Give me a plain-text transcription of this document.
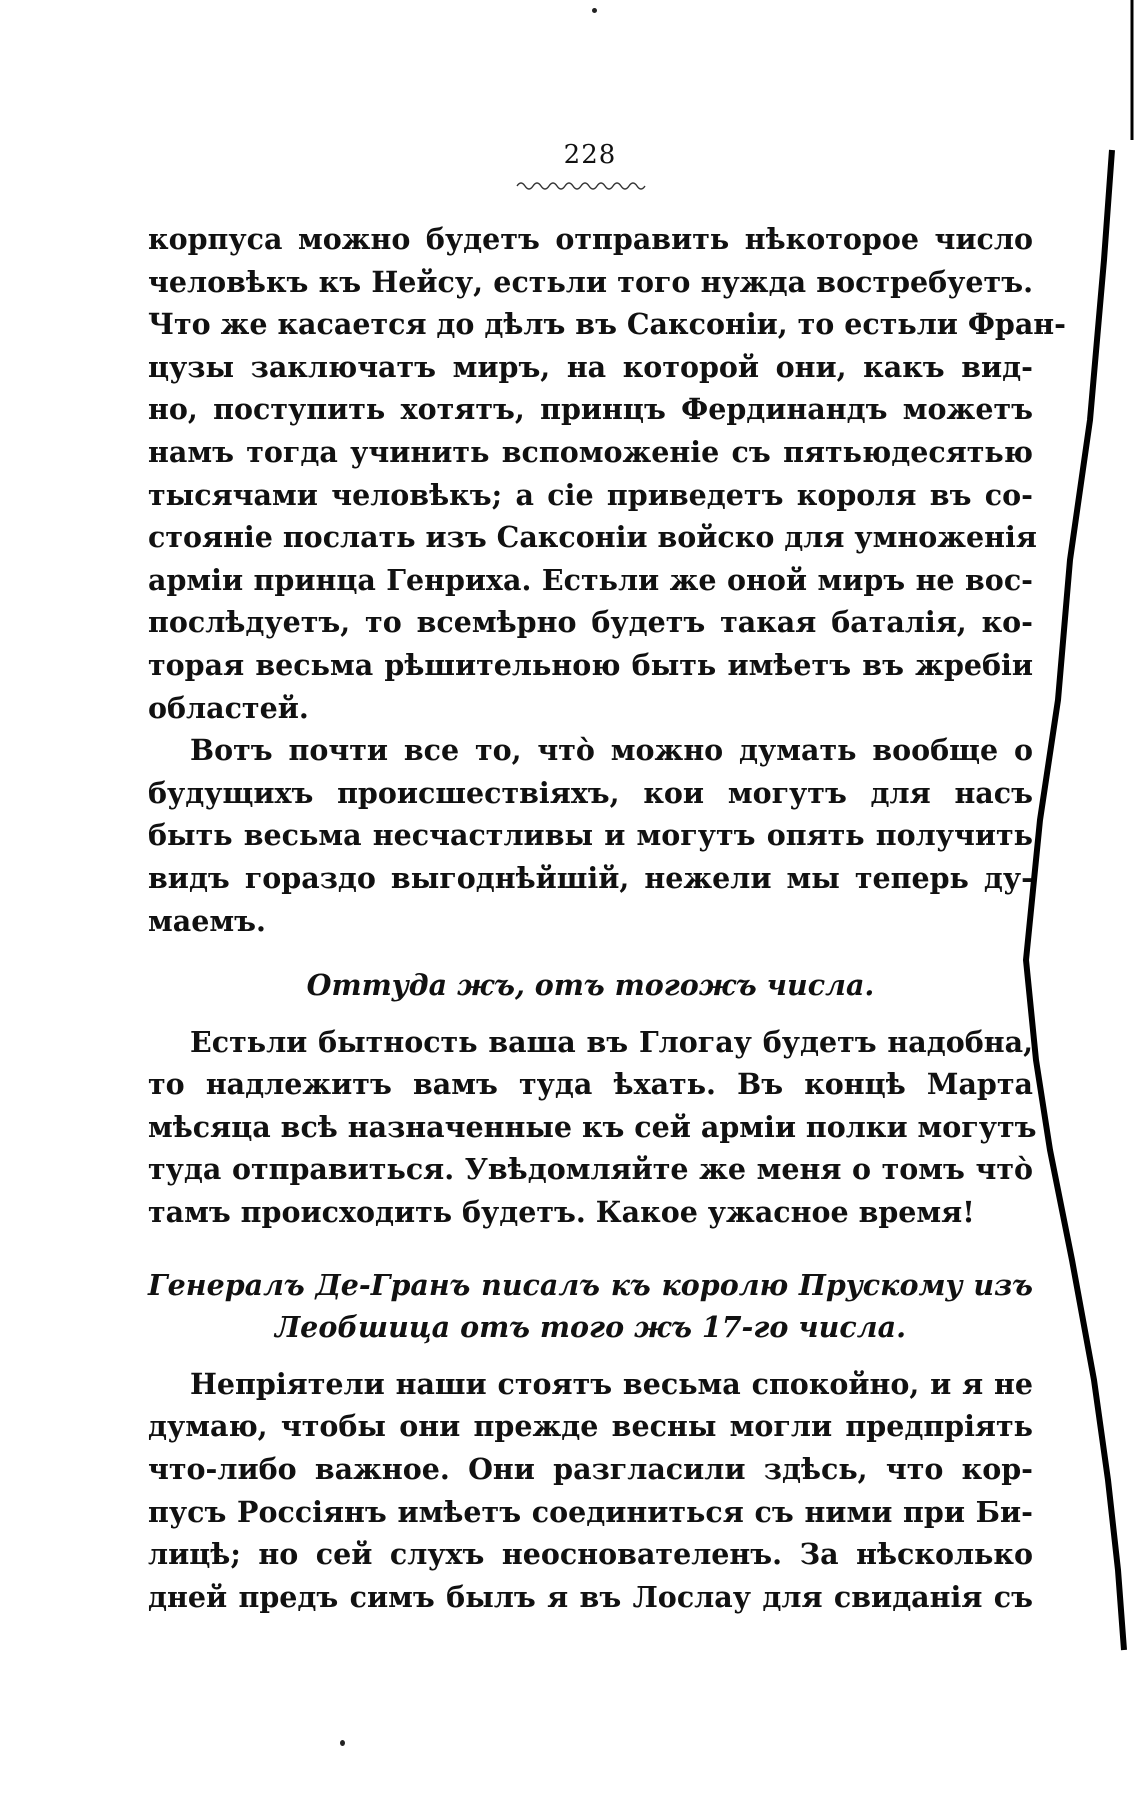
228
корпуса можно будетъ отправить нѣкоторое число
человѣкъ къ Нейсу, естьли того нужда востребуетъ.
Что же касается до дѣлъ въ Саксоніи, то естьли Фран-
цузы заключатъ миръ, на которой они, какъ вид-
но, поступить хотятъ, принцъ Фердинандъ можетъ
намъ тогда учинить вспоможеніе съ пятьюдесятью
тысячами человѣкъ; а сіе приведетъ короля въ со-
стояніе послать изъ Саксоніи войско для умноженія
арміи принца Генриха. Естьли же оной миръ не вос-
послѣдуетъ, то всемѣрно будетъ такая баталія, ко-
торая весьма рѣшительною быть имѣетъ въ жребіи
областей.
Вотъ почти все то, что̀ можно думать вообще о
будущихъ происшествіяхъ, кои могутъ для насъ
быть весьма несчастливы и могутъ опять получить
видъ гораздо выгоднѣйшій, нежели мы теперь ду-
маемъ.
Оттуда жъ, отъ тогожъ числа.
Естьли бытность ваша въ Глогау будетъ надобна,
то надлежитъ вамъ туда ѣхать. Въ концѣ Марта
мѣсяца всѣ назначенные къ сей арміи полки могутъ
туда отправиться. Увѣдомляйте же меня о томъ что̀
тамъ происходить будетъ. Какое ужасное время!
Генералъ Де-Гранъ писалъ къ королю Прускому изъ
Леобшица отъ того жъ 17-го числа.
Непріятели наши стоятъ весьма спокойно, и я не
думаю, чтобы они прежде весны могли предпріять
что-либо важное. Они разгласили здѣсь, что кор-
пусъ Россіянъ имѣетъ соединиться съ ними при Би-
лицѣ; но сей слухъ неоснователенъ. За нѣсколько
дней предъ симъ былъ я въ Лослау для свиданія съ
